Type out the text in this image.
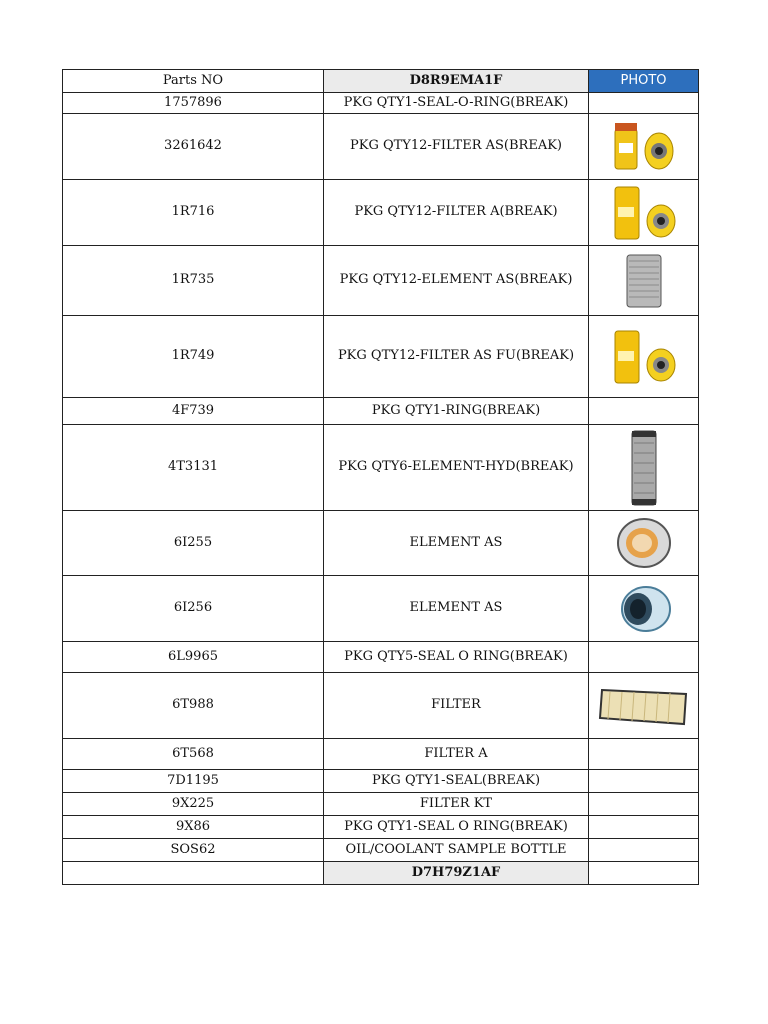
Parts NO	D8R9EMA1F	PHOTO
1757896	PKG QTY1-SEAL-O-RING(BREAK)	
3261642	PKG QTY12-FILTER AS(BREAK)	

1R716	PKG QTY12-FILTER A(BREAK)	

1R735	PKG QTY12-ELEMENT AS(BREAK)	

1R749	PKG QTY12-FILTER AS FU(BREAK)	

4F739	PKG QTY1-RING(BREAK)	
4T3131	PKG QTY6-ELEMENT-HYD(BREAK)	

6I255	ELEMENT AS	

6I256	ELEMENT AS	

6L9965	PKG QTY5-SEAL O RING(BREAK)	
6T988	FILTER	

6T568	FILTER A	
7D1195	PKG QTY1-SEAL(BREAK)	
9X225	FILTER KT	
9X86	PKG QTY1-SEAL O RING(BREAK)	
SOS62	OIL/COOLANT SAMPLE BOTTLE	
	D7H79Z1AF	
